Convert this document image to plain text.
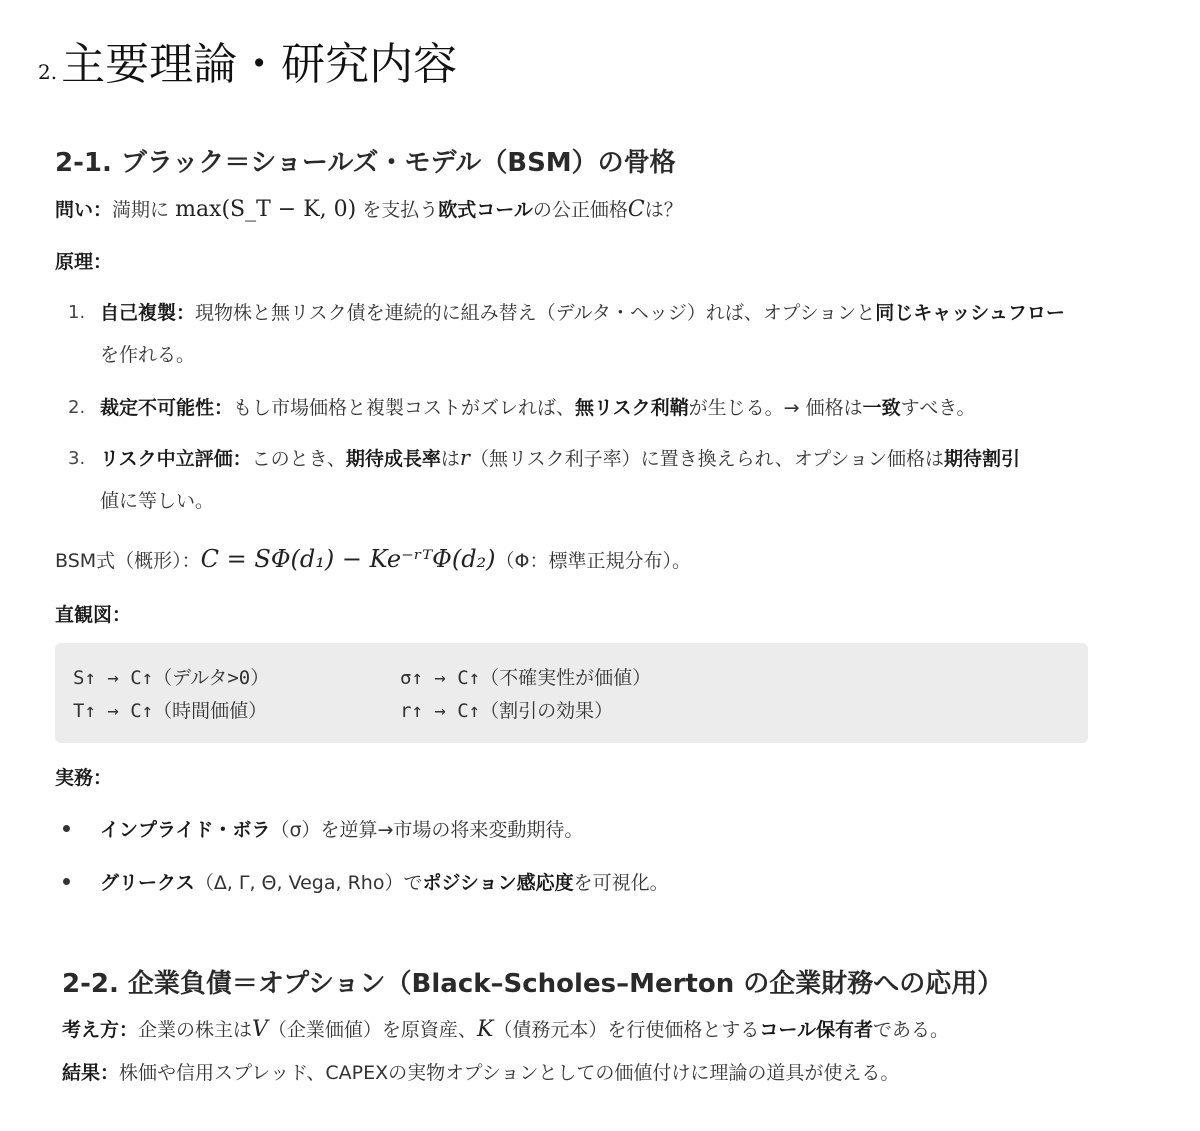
2.主要理論・研究内容
2-1. ブラック＝ショールズ・モデル（BSM）の骨格
問い：満期に max(S_T − K, 0) を支払う欧式コールの公正価格Cは？
原理：
1. 自己複製：現物株と無リスク債を連続的に組み替え（デルタ・ヘッジ）れば、オプションと同じキャッシュフロー
を作れる。
2. 裁定不可能性：もし市場価格と複製コストがズレれば、無リスク利鞘が生じる。→ 価格は一致すべき。
3. リスク中立評価：このとき、期待成長率はr（無リスク利子率）に置き換えられ、オプション価格は期待割引
値に等しい。
BSM式（概形）：C = SΦ(d₁) − Ke⁻ʳᵀΦ(d₂)（Φ：標準正規分布）。
直観図：
S↑ → C↑（デルタ>0）
T↑ → C↑（時間価値）
σ↑ → C↑（不確実性が価値）
r↑ → C↑（割引の効果）
実務：
インプライド・ボラ（σ）を逆算→市場の将来変動期待。
グリークス（Δ, Γ, Θ, Vega, Rho）でポジション感応度を可視化。
2-2. 企業負債＝オプション（Black–Scholes–Merton の企業財務への応用）
考え方：企業の株主はV（企業価値）を原資産、K（債務元本）を行使価格とするコール保有者である。
結果：株価や信用スプレッド、CAPEXの実物オプションとしての価値付けに理論の道具が使える。
